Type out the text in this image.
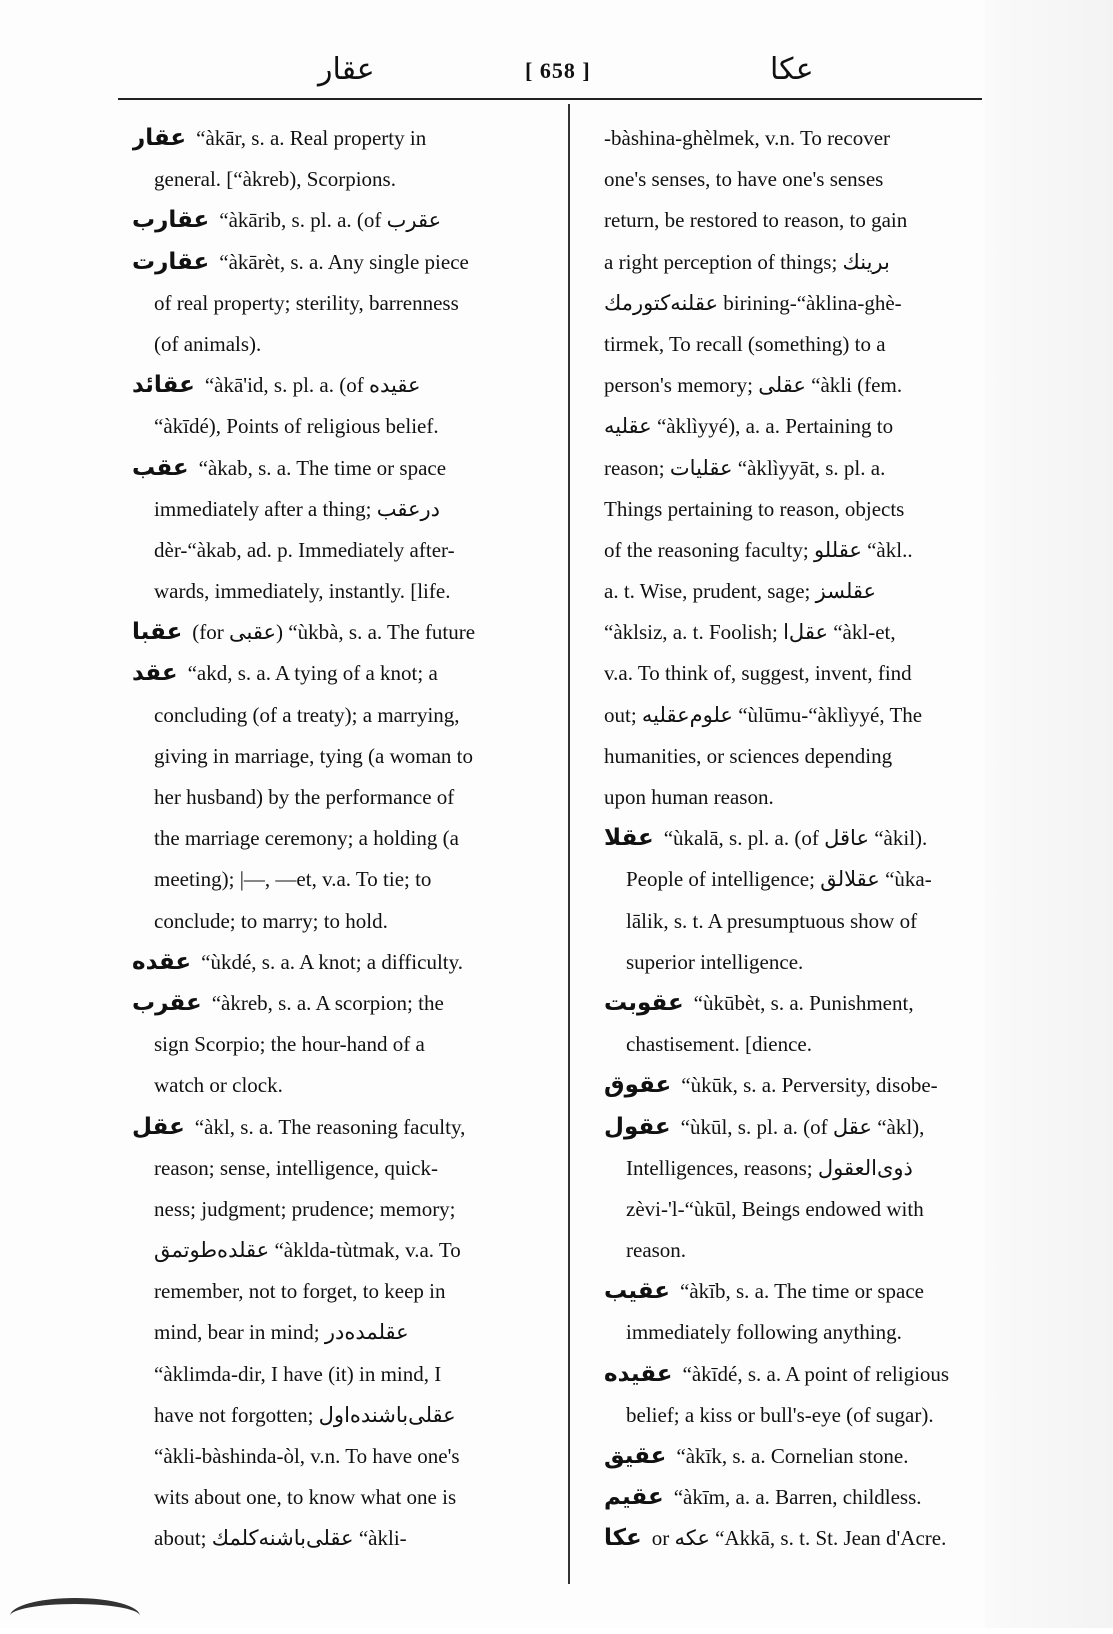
عقار	[ 658 ]	عكا
عقار “àkār, s. a. Real property in
general. [“àkreb), Scorpions.
عقارب “àkārib, s. pl. a. (of عقرب
عقارت “àkārèt, s. a. Any single piece
of real property; sterility, barrenness
(of animals).
عقائد “àkā'id, s. pl. a. (of عقيده
“àkīdé), Points of religious belief.
عقب “àkab, s. a. The time or space
immediately after a thing; درعقب
dèr-“àkab, ad. p. Immediately after-
wards, immediately, instantly. [life.
عقبا (for عقبى) “ùkbà, s. a. The future
عقد “akd, s. a. A tying of a knot; a
concluding (of a treaty); a marrying,
giving in marriage, tying (a woman to
her husband) by the performance of
the marriage ceremony; a holding (a
meeting); |—, —et, v.a. To tie; to
conclude; to marry; to hold.
عقده “ùkdé, s. a. A knot; a difficulty.
عقرب “àkreb, s. a. A scorpion; the
sign Scorpio; the hour-hand of a
watch or clock.
عقل “àkl, s. a. The reasoning faculty,
reason; sense, intelligence, quick-
ness; judgment; prudence; memory;
عقلده‌طوتمق “àklda-tùtmak, v.a. To
remember, not to forget, to keep in
mind, bear in mind; عقلمده‌در
“àklimda-dir, I have (it) in mind, I
have not forgotten; عقلى‌باشنده‌اول
“àkli-bàshinda-òl, v.n. To have one's
wits about one, to know what one is
about; عقلى‌باشنه‌كلمك “àkli-
-bàshina-ghèlmek, v.n. To recover
one's senses, to have one's senses
return, be restored to reason, to gain
a right perception of things; برينك
عقلنه‌كتورمك birining-“àklina-ghè-
tirmek, To recall (something) to a
person's memory; عقلى “àkli (fem.
عقليه “àklìyyé), a. a. Pertaining to
reason; عقليات “àklìyyāt, s. pl. a.
Things pertaining to reason, objects
of the reasoning faculty; عقللو “àkl..
a. t. Wise, prudent, sage; عقلسز
“àklsiz, a. t. Foolish; عقل‌ا “àkl-et,
v.a. To think of, suggest, invent, find
out; علوم‌عقليه “ùlūmu-“àklìyyé, The
humanities, or sciences depending
upon human reason.
عقلا “ùkalā, s. pl. a. (of عاقل “àkil).
People of intelligence; عقلالق “ùka-
lālik, s. t. A presumptuous show of
superior intelligence.
عقوبت “ùkūbèt, s. a. Punishment,
chastisement. [dience.
عقوق “ùkūk, s. a. Perversity, disobe-
عقول “ùkūl, s. pl. a. (of عقل “àkl),
Intelligences, reasons; ذوى‌العقول
zèvi-'l-“ùkūl, Beings endowed with
reason.
عقيب “àkīb, s. a. The time or space
immediately following anything.
عقيده “àkīdé, s. a. A point of religious
belief; a kiss or bull's-eye (of sugar).
عقيق “àkīk, s. a. Cornelian stone.
عقيم “àkīm, a. a. Barren, childless.
عكا or عكه “Akkā, s. t. St. Jean d'Acre.
